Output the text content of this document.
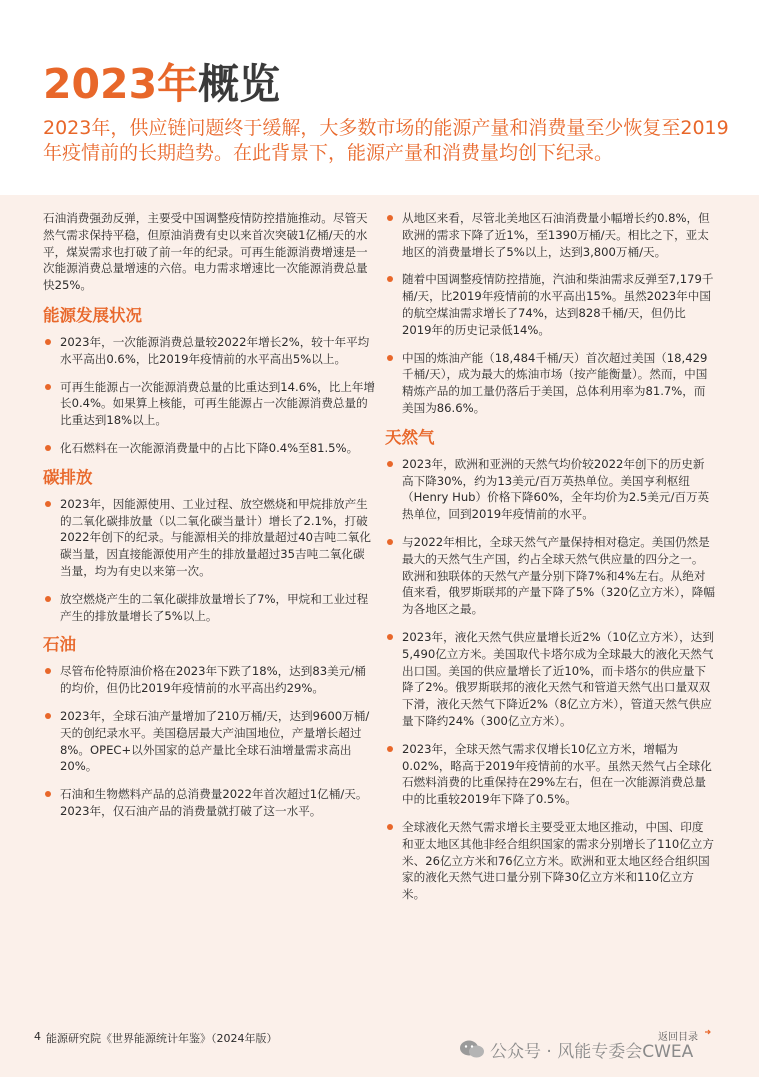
2023年概览
2023年，供应链问题终于缓解，大多数市场的能源产量和消费量至少恢复至2019年疫情前的长期趋势。在此背景下，能源产量和消费量均创下纪录。

石油消费强劲反弹，主要受中国调整疫情防控措施推动。尽管天然气需求保持平稳，但原油消费有史以来首次突破1亿桶/天的水平，煤炭需求也打破了前一年的纪录。可再生能源消费增速是一次能源消费总量增速的六倍。电力需求增速比一次能源消费总量快25%。

能源发展状况
2023年，一次能源消费总量较2022年增长2%，较十年平均水平高出0.6%，比2019年疫情前的水平高出5%以上。
可再生能源占一次能源消费总量的比重达到14.6%，比上年增长0.4%。如果算上核能，可再生能源占一次能源消费总量的比重达到18%以上。
化石燃料在一次能源消费量中的占比下降0.4%至81.5%。
碳排放
2023年，因能源使用、工业过程、放空燃烧和甲烷排放产生的二氧化碳排放量（以二氧化碳当量计）增长了2.1%，打破2022年创下的纪录。与能源相关的排放量超过40吉吨二氧化碳当量，因直接能源使用产生的排放量超过35吉吨二氧化碳当量，均为有史以来第一次。
放空燃烧产生的二氧化碳排放量增长了7%，甲烷和工业过程产生的排放量增长了5%以上。
石油
尽管布伦特原油价格在2023年下跌了18%，达到83美元/桶的均价，但仍比2019年疫情前的水平高出约29%。
2023年，全球石油产量增加了210万桶/天，达到9600万桶/天的创纪录水平。美国稳居最大产油国地位，产量增长超过8%。OPEC+以外国家的总产量比全球石油增量需求高出20%。
石油和生物燃料产品的总消费量2022年首次超过1亿桶/天。2023年，仅石油产品的消费量就打破了这一水平。
从地区来看，尽管北美地区石油消费量小幅增长约0.8%，但欧洲的需求下降了近1%，至1390万桶/天。相比之下，亚太地区的消费量增长了5%以上，达到3,800万桶/天。
随着中国调整疫情防控措施，汽油和柴油需求反弹至7,179千桶/天，比2019年疫情前的水平高出15%。虽然2023年中国的航空煤油需求增长了74%，达到828千桶/天，但仍比2019年的历史记录低14%。
中国的炼油产能（18,484千桶/天）首次超过美国（18,429千桶/天），成为最大的炼油市场（按产能衡量）。然而，中国精炼产品的加工量仍落后于美国，总体利用率为81.7%，而美国为86.6%。
天然气
2023年，欧洲和亚洲的天然气均价较2022年创下的历史新高下降30%，约为13美元/百万英热单位。美国亨利枢纽（Henry Hub）价格下降60%，全年均价为2.5美元/百万英热单位，回到2019年疫情前的水平。
与2022年相比，全球天然气产量保持相对稳定。美国仍然是最大的天然气生产国，约占全球天然气供应量的四分之一。欧洲和独联体的天然气产量分别下降7%和4%左右。从绝对值来看，俄罗斯联邦的产量下降了5%（320亿立方米），降幅为各地区之最。
2023年，液化天然气供应量增长近2%（10亿立方米），达到5,490亿立方米。美国取代卡塔尔成为全球最大的液化天然气出口国。美国的供应量增长了近10%，而卡塔尔的供应量下降了2%。俄罗斯联邦的液化天然气和管道天然气出口量双双下滑，液化天然气下降近2%（8亿立方米），管道天然气供应量下降约24%（300亿立方米）。
2023年，全球天然气需求仅增长10亿立方米，增幅为0.02%，略高于2019年疫情前的水平。虽然天然气占全球化石燃料消费的比重保持在29%左右，但在一次能源消费总量中的比重较2019年下降了0.5%。
全球液化天然气需求增长主要受亚太地区推动，中国、印度和亚太地区其他非经合组织国家的需求分别增长了110亿立方米、26亿立方米和76亿立方米。欧洲和亚太地区经合组织国家的液化天然气进口量分别下降30亿立方米和110亿立方米。
4 能源研究院《世界能源统计年鉴》（2024年版）	返回目录
公众号 · 风能专委会CWEA
